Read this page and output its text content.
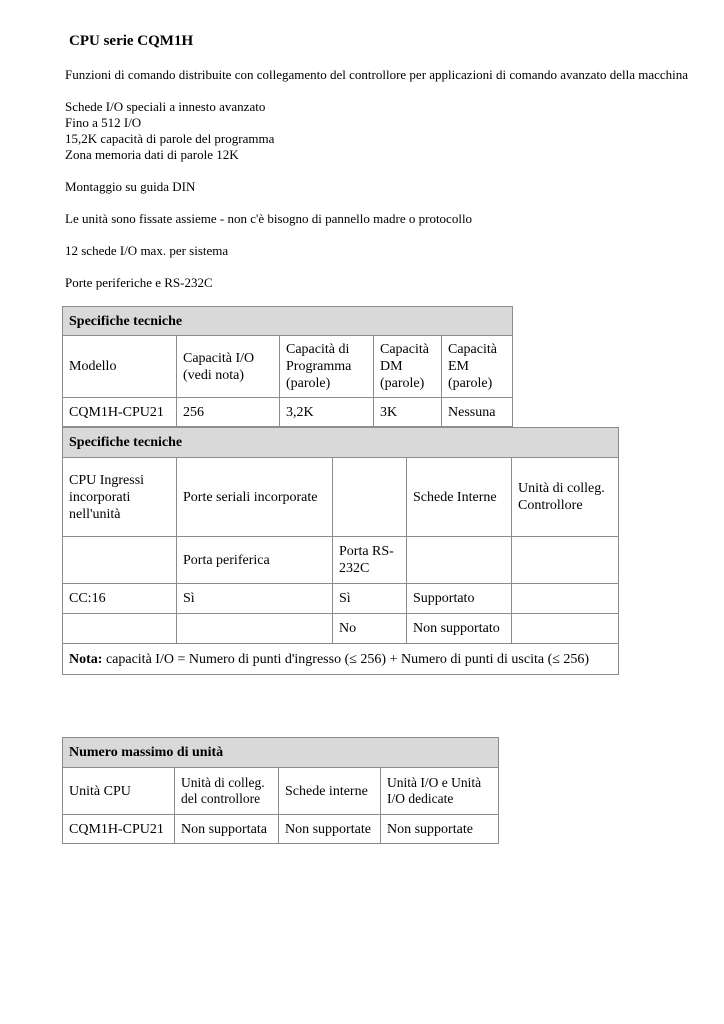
CPU serie CQM1H
Funzioni di comando distribuite con collegamento del controllore per applicazioni di comando avanzato della macchina
Schede I/O speciali a innesto avanzato
Fino a 512 I/O
15,2K capacità di parole del programma
Zona memoria dati di parole 12K
Montaggio su guida DIN
Le unità sono fissate assieme - non c'è bisogno di pannello madre o protocollo
12 schede I/O max. per sistema
Porte periferiche e RS-232C
Specifiche tecniche				
Modello	Capacità I/O (vedi nota)	Capacità di Programma (parole)	Capacità DM (parole)	Capacità EM (parole)
CQM1H-CPU21	256	3,2K	3K	Nessuna
Specifiche tecniche				
CPU Ingressi incorporati nell'unità	Porte seriali incorporate		Schede Interne	Unità di colleg. Controllore
	Porta periferica	Porta RS-232C		
CC:16	Sì	Sì	Supportato	
		No	Non supportato	
Nota: capacità I/O = Numero di punti d'ingresso (≤ 256) + Numero di punti di uscita (≤ 256)				
Numero massimo di unità			
Unità CPU	Unità di colleg. del controllore	Schede interne	Unità I/O e Unità I/O dedicate
CQM1H-CPU21	Non supportata	Non supportate	Non supportate
